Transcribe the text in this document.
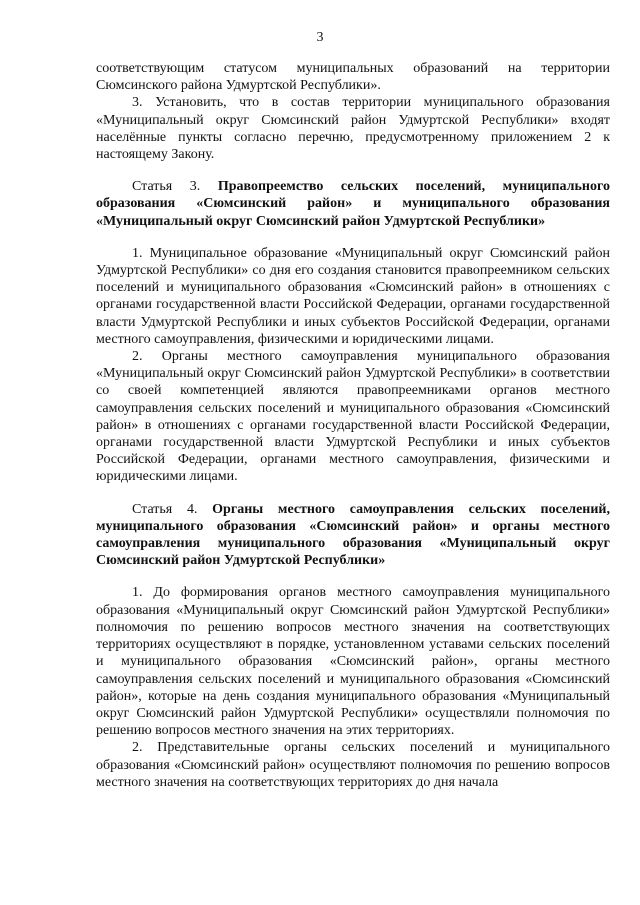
3

соответствующим статусом муниципальных образований на территории Сюмсинского района Удмуртской Республики».

3. Установить, что в состав территории муниципального образования «Муниципальный округ Сюмсинский район Удмуртской Республики» входят населённые пункты согласно перечню, предусмотренному приложением 2 к настоящему Закону.

Статья 3. Правопреемство сельских поселений, муниципального образования «Сюмсинский район» и муниципального образования «Муниципальный округ Сюмсинский район Удмуртской Республики»

1. Муниципальное образование «Муниципальный округ Сюмсинский район Удмуртской Республики» со дня его создания становится правопреемником сельских поселений и муниципального образования «Сюмсинский район» в отношениях с органами государственной власти Российской Федерации, органами государственной власти Удмуртской Республики и иных субъектов Российской Федерации, органами местного самоуправления, физическими и юридическими лицами.

2. Органы местного самоуправления муниципального образования «Муниципальный округ Сюмсинский район Удмуртской Республики» в соответствии со своей компетенцией являются правопреемниками органов местного самоуправления сельских поселений и муниципального образования «Сюмсинский район» в отношениях с органами государственной власти Российской Федерации, органами государственной власти Удмуртской Республики и иных субъектов Российской Федерации, органами местного самоуправления, физическими и юридическими лицами.

Статья 4. Органы местного самоуправления сельских поселений, муниципального образования «Сюмсинский район» и органы местного самоуправления муниципального образования «Муниципальный округ Сюмсинский район Удмуртской Республики»

1. До формирования органов местного самоуправления муниципального образования «Муниципальный округ Сюмсинский район Удмуртской Республики» полномочия по решению вопросов местного значения на соответствующих территориях осуществляют в порядке, установленном уставами сельских поселений и муниципального образования «Сюмсинский район», органы местного самоуправления сельских поселений и муниципального образования «Сюмсинский район», которые на день создания муниципального образования «Муниципальный округ Сюмсинский район Удмуртской Республики» осуществляли полномочия по решению вопросов местного значения на этих территориях.

2. Представительные органы сельских поселений и муниципального образования «Сюмсинский район» осуществляют полномочия по решению вопросов местного значения на соответствующих территориях до дня начала
